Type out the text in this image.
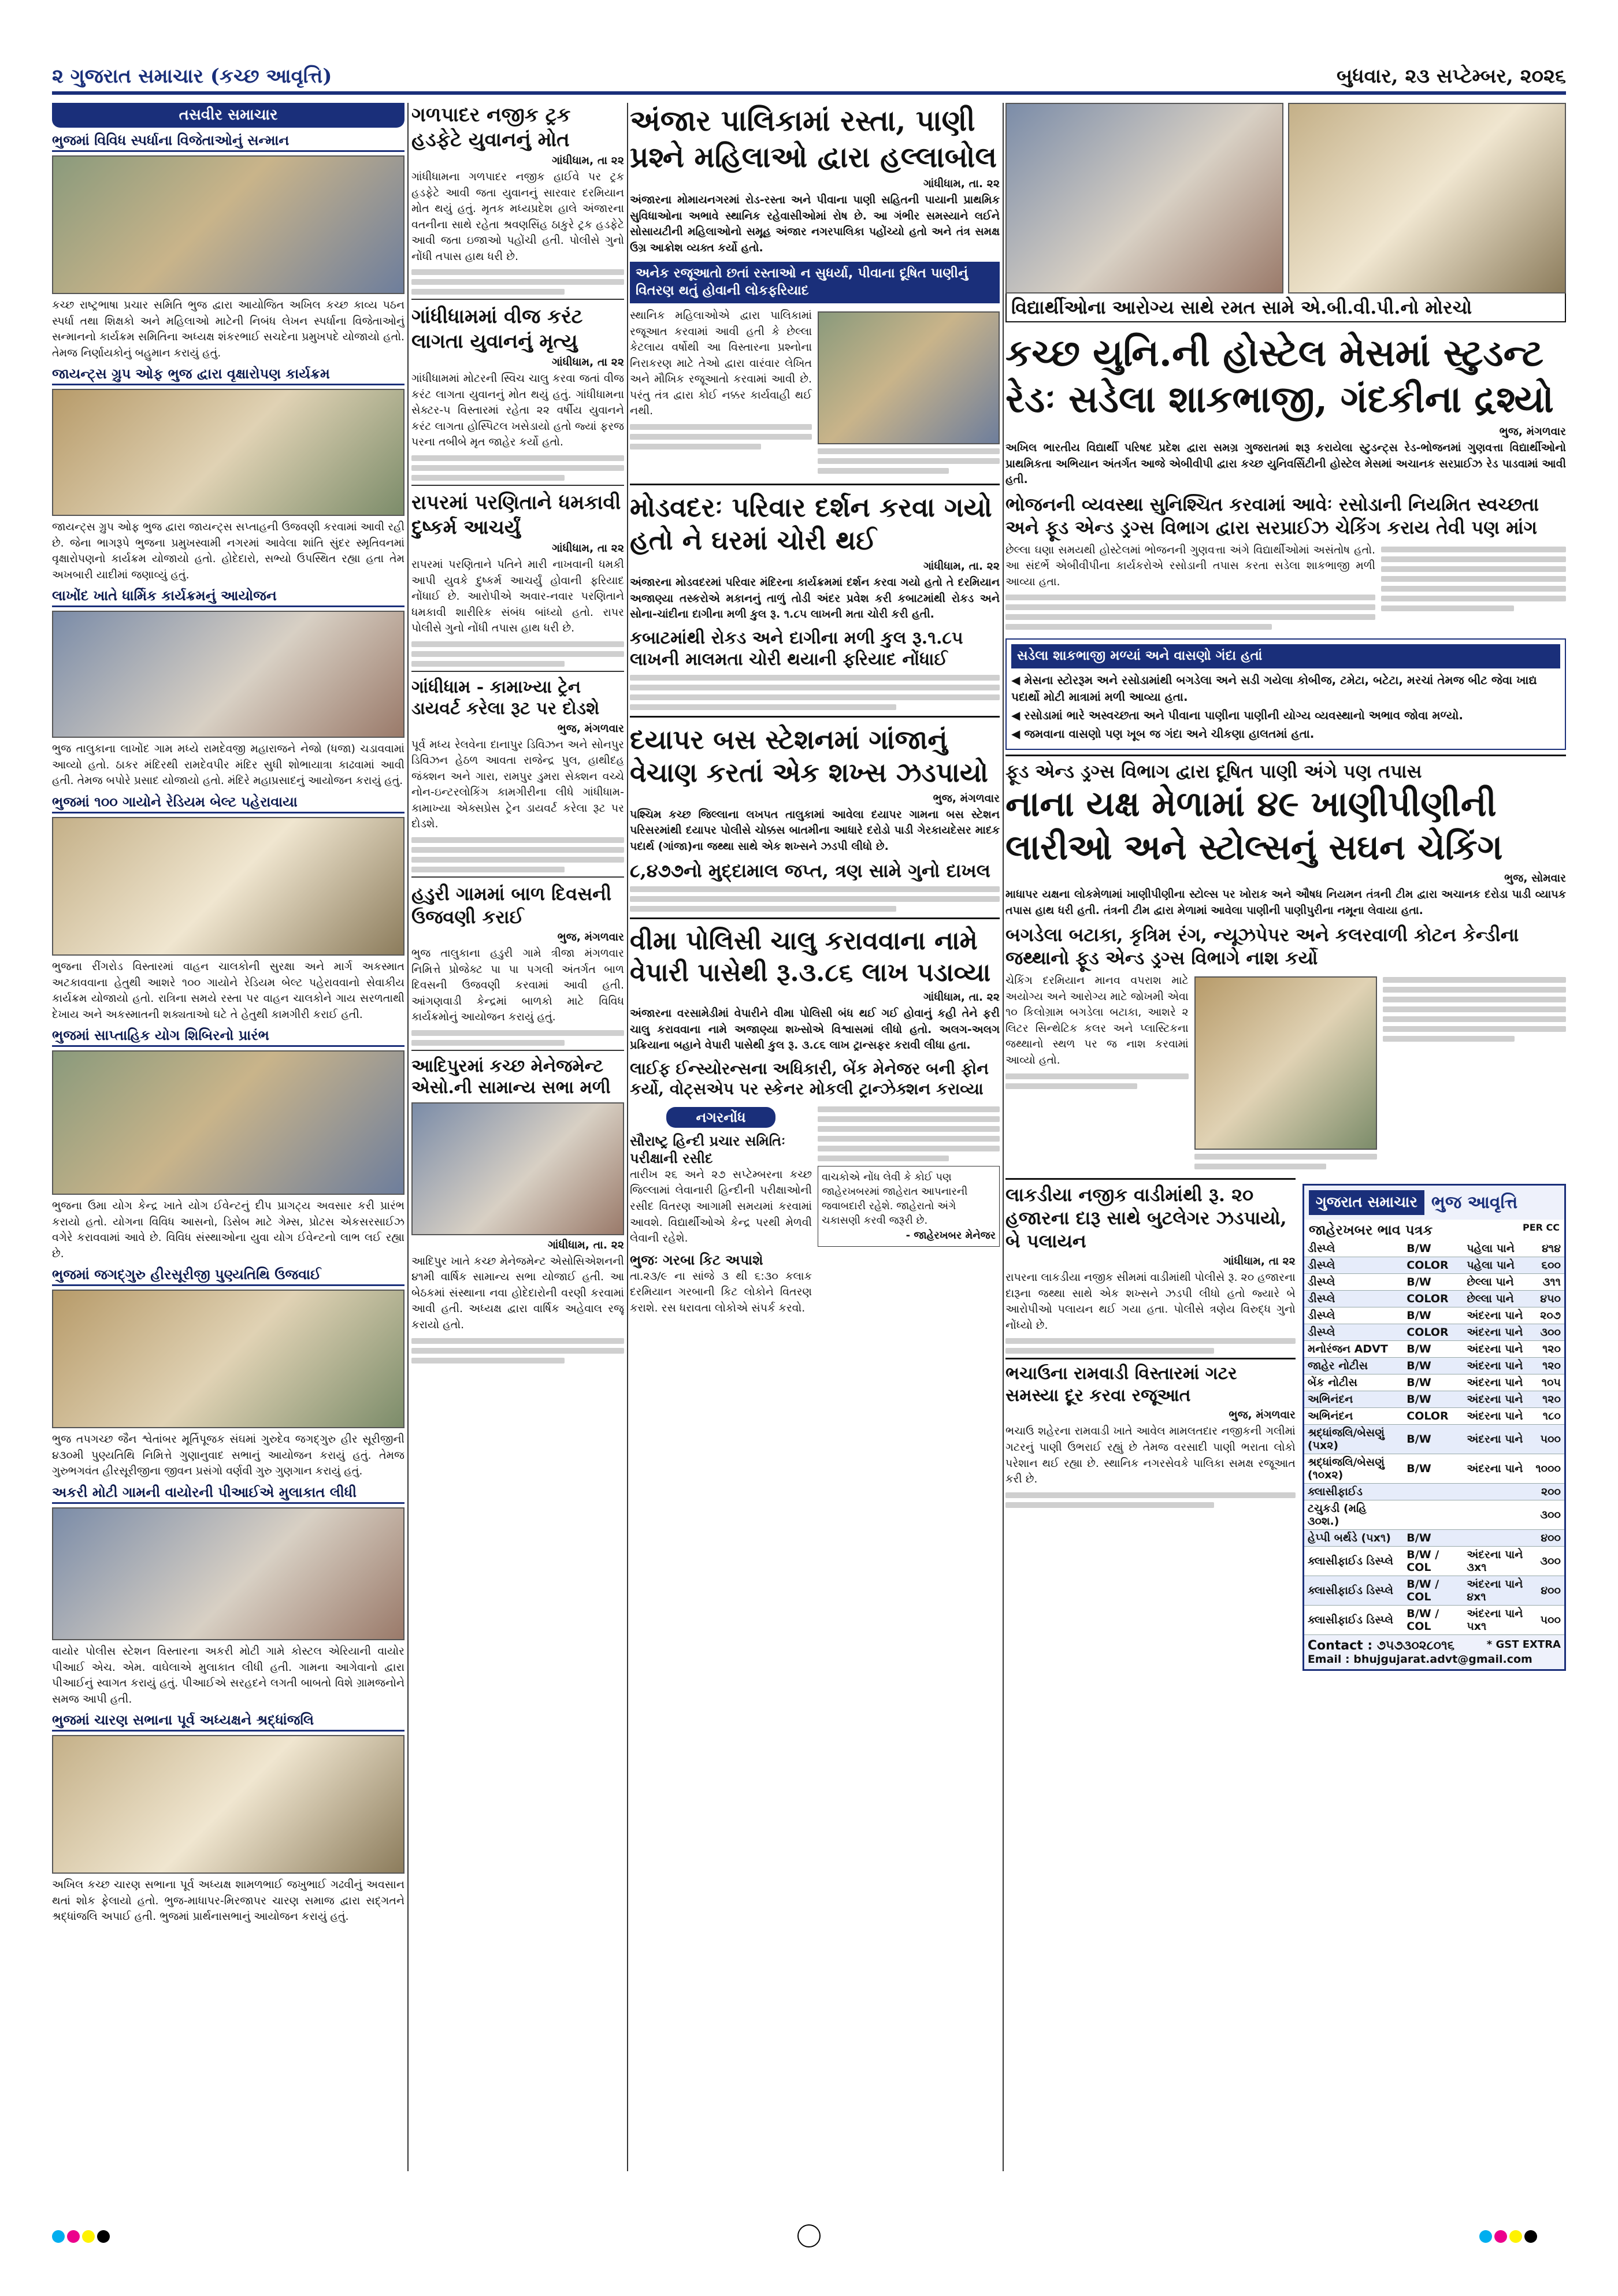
૨ ગુજરાત સમાચાર (કચ્છ આવૃત્તિ)	બુધવાર, ૨૩ સપ્ટેમ્બર, ૨૦૨૬
તસવીર સમાચાર
ભુજમાં વિવિધ સ્પર્ધાના વિજેતાઓનું સન્માન
કચ્છ રાષ્ટ્રભાષા પ્રચાર સમિતિ ભુજ દ્વારા આયોજિત અખિલ કચ્છ કાવ્ય પઠન સ્પર્ધા તથા શિક્ષકો અને મહિલાઓ માટેની નિબંધ લેખન સ્પર્ધાના વિજેતાઓનું સન્માનનો કાર્યક્રમ સમિતિના અધ્યક્ષ શંકરભાઈ સચદેના પ્રમુખપદે યોજાયો હતો. તેમજ નિર્ણાયકોનું બહુમાન કરાયું હતું.
જાયન્ટ્સ ગ્રુપ ઓફ ભુજ દ્વારા વૃક્ષારોપણ કાર્યક્રમ
જાયન્ટ્સ ગ્રુપ ઓફ ભુજ દ્વારા જાયન્ટ્સ સપ્તાહની ઉજવણી કરવામાં આવી રહી છે. જેના ભાગરૂપે ભુજના પ્રમુખસ્વામી નગરમાં આવેલા શાંતિ સુંદર સ્મૃતિવનમાં વૃક્ષારોપણનો કાર્યક્રમ યોજાયો હતો. હોદેદારો, સભ્યો ઉપસ્થિત રહ્યા હતા તેમ અખબારી યાદીમાં જણાવ્યું હતું.
લાખોંદ ખાતે ધાર્મિક કાર્યક્રમનું આયોજન
ભુજ તાલુકાના લાખોંદ ગામ મધ્યે રામદેવજી મહારાજને નેજો (ધજા) ચડાવવામાં આવ્યો હતો. ઠાકર મંદિરથી રામદેવપીર મંદિર સુધી શોભાયાત્રા કાઢવામાં આવી હતી. તેમજ બપોરે પ્રસાદ યોજાયો હતો. મંદિરે મહાપ્રસાદનું આયોજન કરાયું હતું.
ભુજમાં ૧૦૦ ગાયોને રેડિયમ બેલ્ટ પહેરાવાયા
ભુજના રીંગરોડ વિસ્તારમાં વાહન ચાલકોની સુરક્ષા અને માર્ગ અકસ્માત અટકાવવાના હેતુથી આશરે ૧૦૦ ગાયોને રેડિયમ બેલ્ટ પહેરાવવાનો સેવાકીય કાર્યક્રમ યોજાયો હતો. રાત્રિના સમયે રસ્તા પર વાહન ચાલકોને ગાય સરળતાથી દેખાય અને અકસ્માતની શક્યતાઓ ઘટે તે હેતુથી કામગીરી કરાઈ હતી.
ભુજમાં સાપ્તાહિક યોગ શિબિરનો પ્રારંભ
ભુજના ઉમા યોગ કેન્દ્ર ખાતે યોગ ઈવેન્ટનું દીપ પ્રાગટ્ય અવસાર કરી પ્રારંભ કરાયો હતો. યોગના વિવિધ આસનો, ડિસેબ માટે ગેમ્સ, પ્રોટસ એકસરસાઈઝ વગેરે કરાવવામાં આવે છે. વિવિધ સંસ્થાઓના યુવા યોગ ઈવેન્ટનો લાભ લઈ રહ્યા છે.
ભુજમાં જગદ્ગુરુ હીરસૂરીજી પુણ્યતિથિ ઉજવાઈ
ભુજ તપગચ્છ જૈન શ્વેતાંબર મૂર્તિપૂજક સંઘમાં ગુરુદેવ જગદ્ગુરુ હીર સૂરીજીની ૪૩૦મી પુણ્યતિથિ નિમિત્તે ગુણાનુવાદ સભાનું આયોજન કરાયું હતું. તેમજ ગુરુભગવંત હીરસૂરીજીના જીવન પ્રસંગો વર્ણવી ગુરુ ગુણગાન કરાયું હતું.
અકરી મોટી ગામની વાયોરની પીઆઈએ મુલાકાત લીધી
વાયોર પોલીસ સ્ટેશન વિસ્તારના અકરી મોટી ગામે કોસ્ટલ એરિયાની વાયોર પીઆઈ એચ. એમ. વાઘેલાએ મુલાકાત લીધી હતી. ગામના આગેવાનો દ્વારા પીઆઈનું સ્વાગત કરાયું હતું. પીઆઈએ સરહદને લગતી બાબતો વિશે ગ્રામજનોને સમજ આપી હતી.
ભુજમાં ચારણ સભાના પૂર્વ અધ્યક્ષને શ્રદ્ધાંજલિ
અખિલ કચ્છ ચારણ સભાના પૂર્વ અધ્યક્ષ શામળભાઈ જખુભાઈ ગઢવીનું અવસાન થતાં શોક ફેલાયો હતો. ભુજ-માધાપર-મિરજાપર ચારણ સમાજ દ્વારા સદ્ગતને શ્રદ્ધાંજલિ અપાઈ હતી. ભુજમાં પ્રાર્થનાસભાનું આયોજન કરાયું હતું.
ગળપાદર નજીક ટ્રક હડફેટે યુવાનનું મોત
ગાંધીધામ, તા ૨૨
ગાંધીધામના ગળપાદર નજીક હાઈવે પર ટ્રક હડફેટે આવી જતા યુવાનનું સારવાર દરમિયાન મોત થયું હતું. મૃતક મધ્યપ્રદેશ હાલે અંજારના વતનીના સાથે રહેતા શ્રવણસિંહ ઠાકુરે ટ્રક હડફેટે આવી જતા ઇજાઓ પહોંચી હતી. પોલીસે ગુનો નોંધી તપાસ હાથ ધરી છે.
ગાંધીધામમાં વીજ કરંટ લાગતા યુવાનનું મૃત્યુ
ગાંધીધામ, તા ૨૨
ગાંધીધામમાં મોટરની સ્વિચ ચાલુ કરવા જતાં વીજ કરંટ લાગતા યુવાનનું મોત થયું હતું. ગાંધીધામના સેક્ટર-૫ વિસ્તારમાં રહેતા ૨૨ વર્ષીય યુવાનને કરંટ લાગતા હોસ્પિટલ ખસેડાયો હતો જ્યાં ફરજ પરના તબીબે મૃત જાહેર કર્યો હતો.
રાપરમાં પરણિતાને ધમકાવી દુષ્કર્મ આચર્યું
ગાંધીધામ, તા ૨૨
રાપરમાં પરણિતાને પતિને મારી નાખવાની ધમકી આપી યુવકે દુષ્કર્મ આચર્યું હોવાની ફરિયાદ નોંધાઈ છે. આરોપીએ અવાર-નવાર પરણિતાને ધમકાવી શારીરિક સંબંધ બાંધ્યો હતો. રાપર પોલીસે ગુનો નોંધી તપાસ હાથ ધરી છે.
ગાંધીધામ - કામાખ્યા ટ્રેન ડાયવર્ટ કરેલા રૂટ પર દોડશે
ભુજ, મંગળવાર
પૂર્વ મધ્ય રેલવેના દાનાપુર ડિવિઝન અને સોનપુર ડિવિઝન હેઠળ આવતા રાજેન્દ્ર પુલ, હાથીદહ જંક્શન અને ગારા, રામપુર ડુમરા સેક્શન વચ્ચે નોન-ઇન્ટરલોકિંગ કામગીરીના લીધે ગાંધીધામ-કામાખ્યા એક્સપ્રેસ ટ્રેન ડાયવર્ટ કરેલા રૂટ પર દોડશે.
હડુરી ગામમાં બાળ દિવસની ઉજવણી કરાઈ
ભુજ, મંગળવાર
ભુજ તાલુકાના હડુરી ગામે ત્રીજા મંગળવાર નિમિત્તે પ્રોજેક્ટ પા પા પગલી અંતર્ગત બાળ દિવસની ઉજવણી કરવામાં આવી હતી. આંગણવાડી કેન્દ્રમાં બાળકો માટે વિવિધ કાર્યક્રમોનું આયોજન કરાયું હતું.
આદિપુરમાં કચ્છ મેનેજમેન્ટ એસો.ની સામાન્ય સભા મળી
ગાંધીધામ, તા. ૨૨
આદિપુર ખાતે કચ્છ મેનેજમેન્ટ એસોસિએશનની ૪૧મી વાર્ષિક સામાન્ય સભા યોજાઈ હતી. આ બેઠકમાં સંસ્થાના નવા હોદેદારોની વરણી કરવામાં આવી હતી. અધ્યક્ષ દ્વારા વાર્ષિક અહેવાલ રજૂ કરાયો હતો.
અંજાર પાલિકામાં રસ્તા, પાણી પ્રશ્ને મહિલાઓ દ્વારા હલ્લાબોલ
ગાંધીધામ, તા. ૨૨
અંજારના મોમાયનગરમાં રોડ-રસ્તા અને પીવાના પાણી સહિતની પાયાની પ્રાથમિક સુવિધાઓના અભાવે સ્થાનિક રહેવાસીઓમાં રોષ છે. આ ગંભીર સમસ્યાને લઈને સોસાયટીની મહિલાઓનો સમૂહ અંજાર નગરપાલિકા પહોંચ્યો હતો અને તંત્ર સમક્ષ ઉગ્ર આક્રોશ વ્યક્ત કર્યો હતો.
અનેક રજૂઆતો છતાં રસ્તાઓ ન સુધર્યા, પીવાના દૂષિત પાણીનું વિતરણ થતું હોવાની લોકફરિયાદ
સ્થાનિક મહિલાઓએ દ્વારા પાલિકામાં રજૂઆત કરવામાં આવી હતી કે છેલ્લા કેટલાય વર્ષોથી આ વિસ્તારના પ્રશ્નોના નિરાકરણ માટે તેઓ દ્વારા વારંવાર લેખિત અને મૌખિક રજૂઆતો કરવામાં આવી છે. પરંતુ તંત્ર દ્વારા કોઈ નક્કર કાર્યવાહી થઈ નથી.
મોડવદરઃ પરિવાર દર્શન કરવા ગયો હતો ને ઘરમાં ચોરી થઈ
ગાંધીધામ, તા. ૨૨
અંજારના મોડવદરમાં પરિવાર મંદિરના કાર્યક્રમમાં દર્શન કરવા ગયો હતો તે દરમિયાન અજાણ્યા તસ્કરોએ મકાનનું તાળું તોડી અંદર પ્રવેશ કરી કબાટમાંથી રોકડ અને સોના-ચાંદીના દાગીના મળી કુલ રૂ. ૧.૮૫ લાખની મતા ચોરી કરી હતી.
કબાટમાંથી રોકડ અને દાગીના મળી કુલ રૂ.૧.૮૫ લાખની માલમતા ચોરી થયાની ફરિયાદ નોંધાઈ
દયાપર બસ સ્ટેશનમાં ગાંજાનું વેચાણ કરતાં એક શખ્સ ઝડપાયો
ભુજ, મંગળવાર
પશ્ચિમ કચ્છ જિલ્લાના લખપત તાલુકામાં આવેલા દયાપર ગામના બસ સ્ટેશન પરિસરમાંથી દયાપર પોલીસે ચોક્કસ બાતમીના આધારે દરોડો પાડી ગેરકાયદેસર માદક પદાર્થ (ગાંજા)ના જથ્થા સાથે એક શખ્સને ઝડપી લીધો છે.
૮,૪૭૭નો મુદ્દામાલ જપ્ત, ત્રણ સામે ગુનો દાખલ
વીમા પોલિસી ચાલુ કરાવવાના નામે વેપારી પાસેથી રૂ.૩.૮૬ લાખ પડાવ્યા
ગાંધીધામ, તા. ૨૨
અંજારના વરસામેડીમાં વેપારીને વીમા પોલિસી બંધ થઈ ગઈ હોવાનું કહી તેને ફરી ચાલુ કરાવવાના નામે અજાણ્યા શખ્સોએ વિશ્વાસમાં લીધો હતો. અલગ-અલગ પ્રક્રિયાના બહાને વેપારી પાસેથી કુલ રૂ. ૩.૮૬ લાખ ટ્રાન્સફર કરાવી લીધા હતા.
લાઈફ ઈન્સ્યોરન્સના અધિકારી, બેંક મેનેજર બની ફોન કર્યો, વોટ્સએપ પર સ્કેનર મોકલી ટ્રાન્ઝેક્શન કરાવ્યા
નગરનોંધ
સૌરાષ્ટ્ર હિન્દી પ્રચાર સમિતિઃ પરીક્ષાની રસીદ
તારીખ ૨૬ અને ૨૭ સપ્ટેમ્બરના કચ્છ જિલ્લામાં લેવાનારી હિન્દીની પરીક્ષાઓની રસીદ વિતરણ આગામી સમયમાં કરવામાં આવશે. વિદ્યાર્થીઓએ કેન્દ્ર પરથી મેળવી લેવાની રહેશે.
ભુજઃ ગરબા કિટ અપાશે
તા.૨૩/૯ ના સાંજે ૩ થી ૬:૩૦ કલાક દરમિયાન ગરબાની કિટ લોકોને વિતરણ કરાશે. રસ ધરાવતા લોકોએ સંપર્ક કરવો.
વાચકોએ નોંધ લેવી કે કોઈ પણ જાહેરખબરમાં જાહેરાત આપનારની જવાબદારી રહેશે. જાહેરાતો અંગે ચકાસણી કરવી જરૂરી છે.
- જાહેરખબર મેનેજર
વિદ્યાર્થીઓના આરોગ્ય સાથે રમત સામે એ.બી.વી.પી.નો મોરચો
કચ્છ યુનિ.ની હોસ્ટેલ મેસમાં સ્ટુડન્ટ
રેડઃ સડેલા શાકભાજી, ગંદકીના દ્રશ્યો
ભુજ, મંગળવાર
અખિલ ભારતીય વિદ્યાર્થી પરિષદ પ્રદેશ દ્વારા સમગ્ર ગુજરાતમાં શરૂ કરાયેલા સ્ટુડન્ટ્સ રેડ-ભોજનમાં ગુણવત્તા વિદ્યાર્થીઓનો પ્રાથમિકતા અભિયાન અંતર્ગત આજે એબીવીપી દ્વારા કચ્છ યુનિવર્સિટીની હોસ્ટેલ મેસમાં અચાનક સરપ્રાઈઝ રેડ પાડવામાં આવી હતી.
ભોજનની વ્યવસ્થા સુનિશ્ચિત કરવામાં આવેઃ રસોડાની નિયમિત સ્વચ્છતા અને ફૂડ એન્ડ ડ્રગ્સ વિભાગ દ્વારા સરપ્રાઈઝ ચેકિંગ કરાય તેવી પણ માંગ
છેલ્લા ઘણા સમયથી હોસ્ટેલમાં ભોજનની ગુણવત્તા અંગે વિદ્યાર્થીઓમાં અસંતોષ હતો. આ સંદર્ભે એબીવીપીના કાર્યકરોએ રસોડાની તપાસ કરતા સડેલા શાકભાજી મળી આવ્યા હતા.
સડેલા શાકભાજી મળ્યાં અને વાસણો ગંદા હતાં
◀ મેસના સ્ટોરરૂમ અને રસોડામાંથી બગડેલા અને સડી ગયેલા કોબીજ, ટમેટા, બટેટા, મરચાં તેમજ બીટ જેવા ખાદ્ય પદાર્થો મોટી માત્રામાં મળી આવ્યા હતા.
◀ રસોડામાં ભારે અસ્વચ્છતા અને પીવાના પાણીના પાણીની યોગ્ય વ્યવસ્થાનો અભાવ જોવા મળ્યો.
◀ જમવાના વાસણો પણ ખૂબ જ ગંદા અને ચીકણા હાલતમાં હતા.
ફૂડ એન્ડ ડ્રગ્સ વિભાગ દ્વારા દૂષિત પાણી અંગે પણ તપાસ
નાના યક્ષ મેળામાં ૪૯ ખાણીપીણીની લારીઓ અને સ્ટોલ્સનું સઘન ચેકિંગ
ભુજ, સોમવાર
માધાપર યક્ષના લોકમેળામાં ખાણીપીણીના સ્ટોલ્સ પર ખોરાક અને ઔષધ નિયમન તંત્રની ટીમ દ્વારા અચાનક દરોડા પાડી વ્યાપક તપાસ હાથ ધરી હતી. તંત્રની ટીમ દ્વારા મેળામાં આવેલા પાણીની પાણીપુરીના નમૂના લેવાયા હતા.
બગડેલા બટાકા, કૃત્રિમ રંગ, ન્યૂઝપેપર અને કલરવાળી કોટન કેન્ડીના જથ્થાનો ફૂડ એન્ડ ડ્રગ્સ વિભાગે નાશ કર્યો
ચેકિંગ દરમિયાન માનવ વપરાશ માટે અયોગ્ય અને આરોગ્ય માટે જોખમી એવા ૧૦ કિલોગ્રામ બગડેલા બટાકા, આશરે ૨ લિટર સિન્થેટિક કલર અને પ્લાસ્ટિકના જથ્થાનો સ્થળ પર જ નાશ કરવામાં આવ્યો હતો.
લાકડીયા નજીક વાડીમાંથી રૂ. ૨૦ હજારના દારૂ સાથે બુટલેગર ઝડપાયો, બે પલાયન
ગાંધીધામ, તા ૨૨
રાપરના લાકડીયા નજીક સીમમાં વાડીમાંથી પોલીસે રૂ. ૨૦ હજારના દારૂના જથ્થા સાથે એક શખ્સને ઝડપી લીધો હતો જ્યારે બે આરોપીઓ પલાયન થઈ ગયા હતા. પોલીસે ત્રણેય વિરુદ્ધ ગુનો નોંધ્યો છે.
ભચાઉના રામવાડી વિસ્તારમાં ગટર સમસ્યા દૂર કરવા રજૂઆત
ભુજ, મંગળવાર
ભચાઉ શહેરના રામવાડી ખાતે આવેલ મામલતદાર નજીકની ગલીમાં ગટરનું પાણી ઉભરાઈ રહ્યું છે તેમજ વરસાદી પાણી ભરાતા લોકો પરેશાન થઈ રહ્યા છે. સ્થાનિક નગરસેવકે પાલિકા સમક્ષ રજૂઆત કરી છે.
ગુજરાત સમાચાર ભુજ આવૃત્તિ
જાહેરખબર ભાવ પત્રક	PER CC
ડીસ્પ્લે	B/W	પહેલા પાને	૪૧૪
ડીસ્પ્લે	COLOR	પહેલા પાને	૬૦૦
ડીસ્પ્લે	B/W	છેલ્લા પાને	૩૧૧
ડીસ્પ્લે	COLOR	છેલ્લા પાને	૪૫૦
ડીસ્પ્લે	B/W	અંદરના પાને	૨૦૭
ડીસ્પ્લે	COLOR	અંદરના પાને	૩૦૦
મનોરંજન ADVT	B/W	અંદરના પાને	૧૨૦
જાહેર નોટીસ	B/W	અંદરના પાને	૧૨૦
બેંક નોટીસ	B/W	અંદરના પાને	૧૦૫
અભિનંદન	B/W	અંદરના પાને	૧૨૦
અભિનંદન	COLOR	અંદરના પાને	૧૮૦
શ્રદ્ધાંજલિ/બેસણું (૫x૨)	B/W	અંદરના પાને	૫૦૦
શ્રદ્ધાંજલિ/બેસણું (૧૦x૨)	B/W	અંદરના પાને	૧૦૦૦
ક્લાસીફાઈડ			૨૦૦
ટચુકડી (મહિ ૩૦શ.)			૩૦૦
હેપ્પી બર્થડે (૫x૧)	B/W		૪૦૦
ક્લાસીફાઈડ ડિસ્પ્લે	B/W / COL	અંદરના પાને ૩x૧	૩૦૦
ક્લાસીફાઈડ ડિસ્પ્લે	B/W / COL	અંદરના પાને ૪x૧	૪૦૦
ક્લાસીફાઈડ ડિસ્પ્લે	B/W / COL	અંદરના પાને ૫x૧	૫૦૦
Contact : ૭૫૭૩૦૨૮૦૧૬	* GST EXTRA
Email : bhujgujarat.advt@gmail.com
